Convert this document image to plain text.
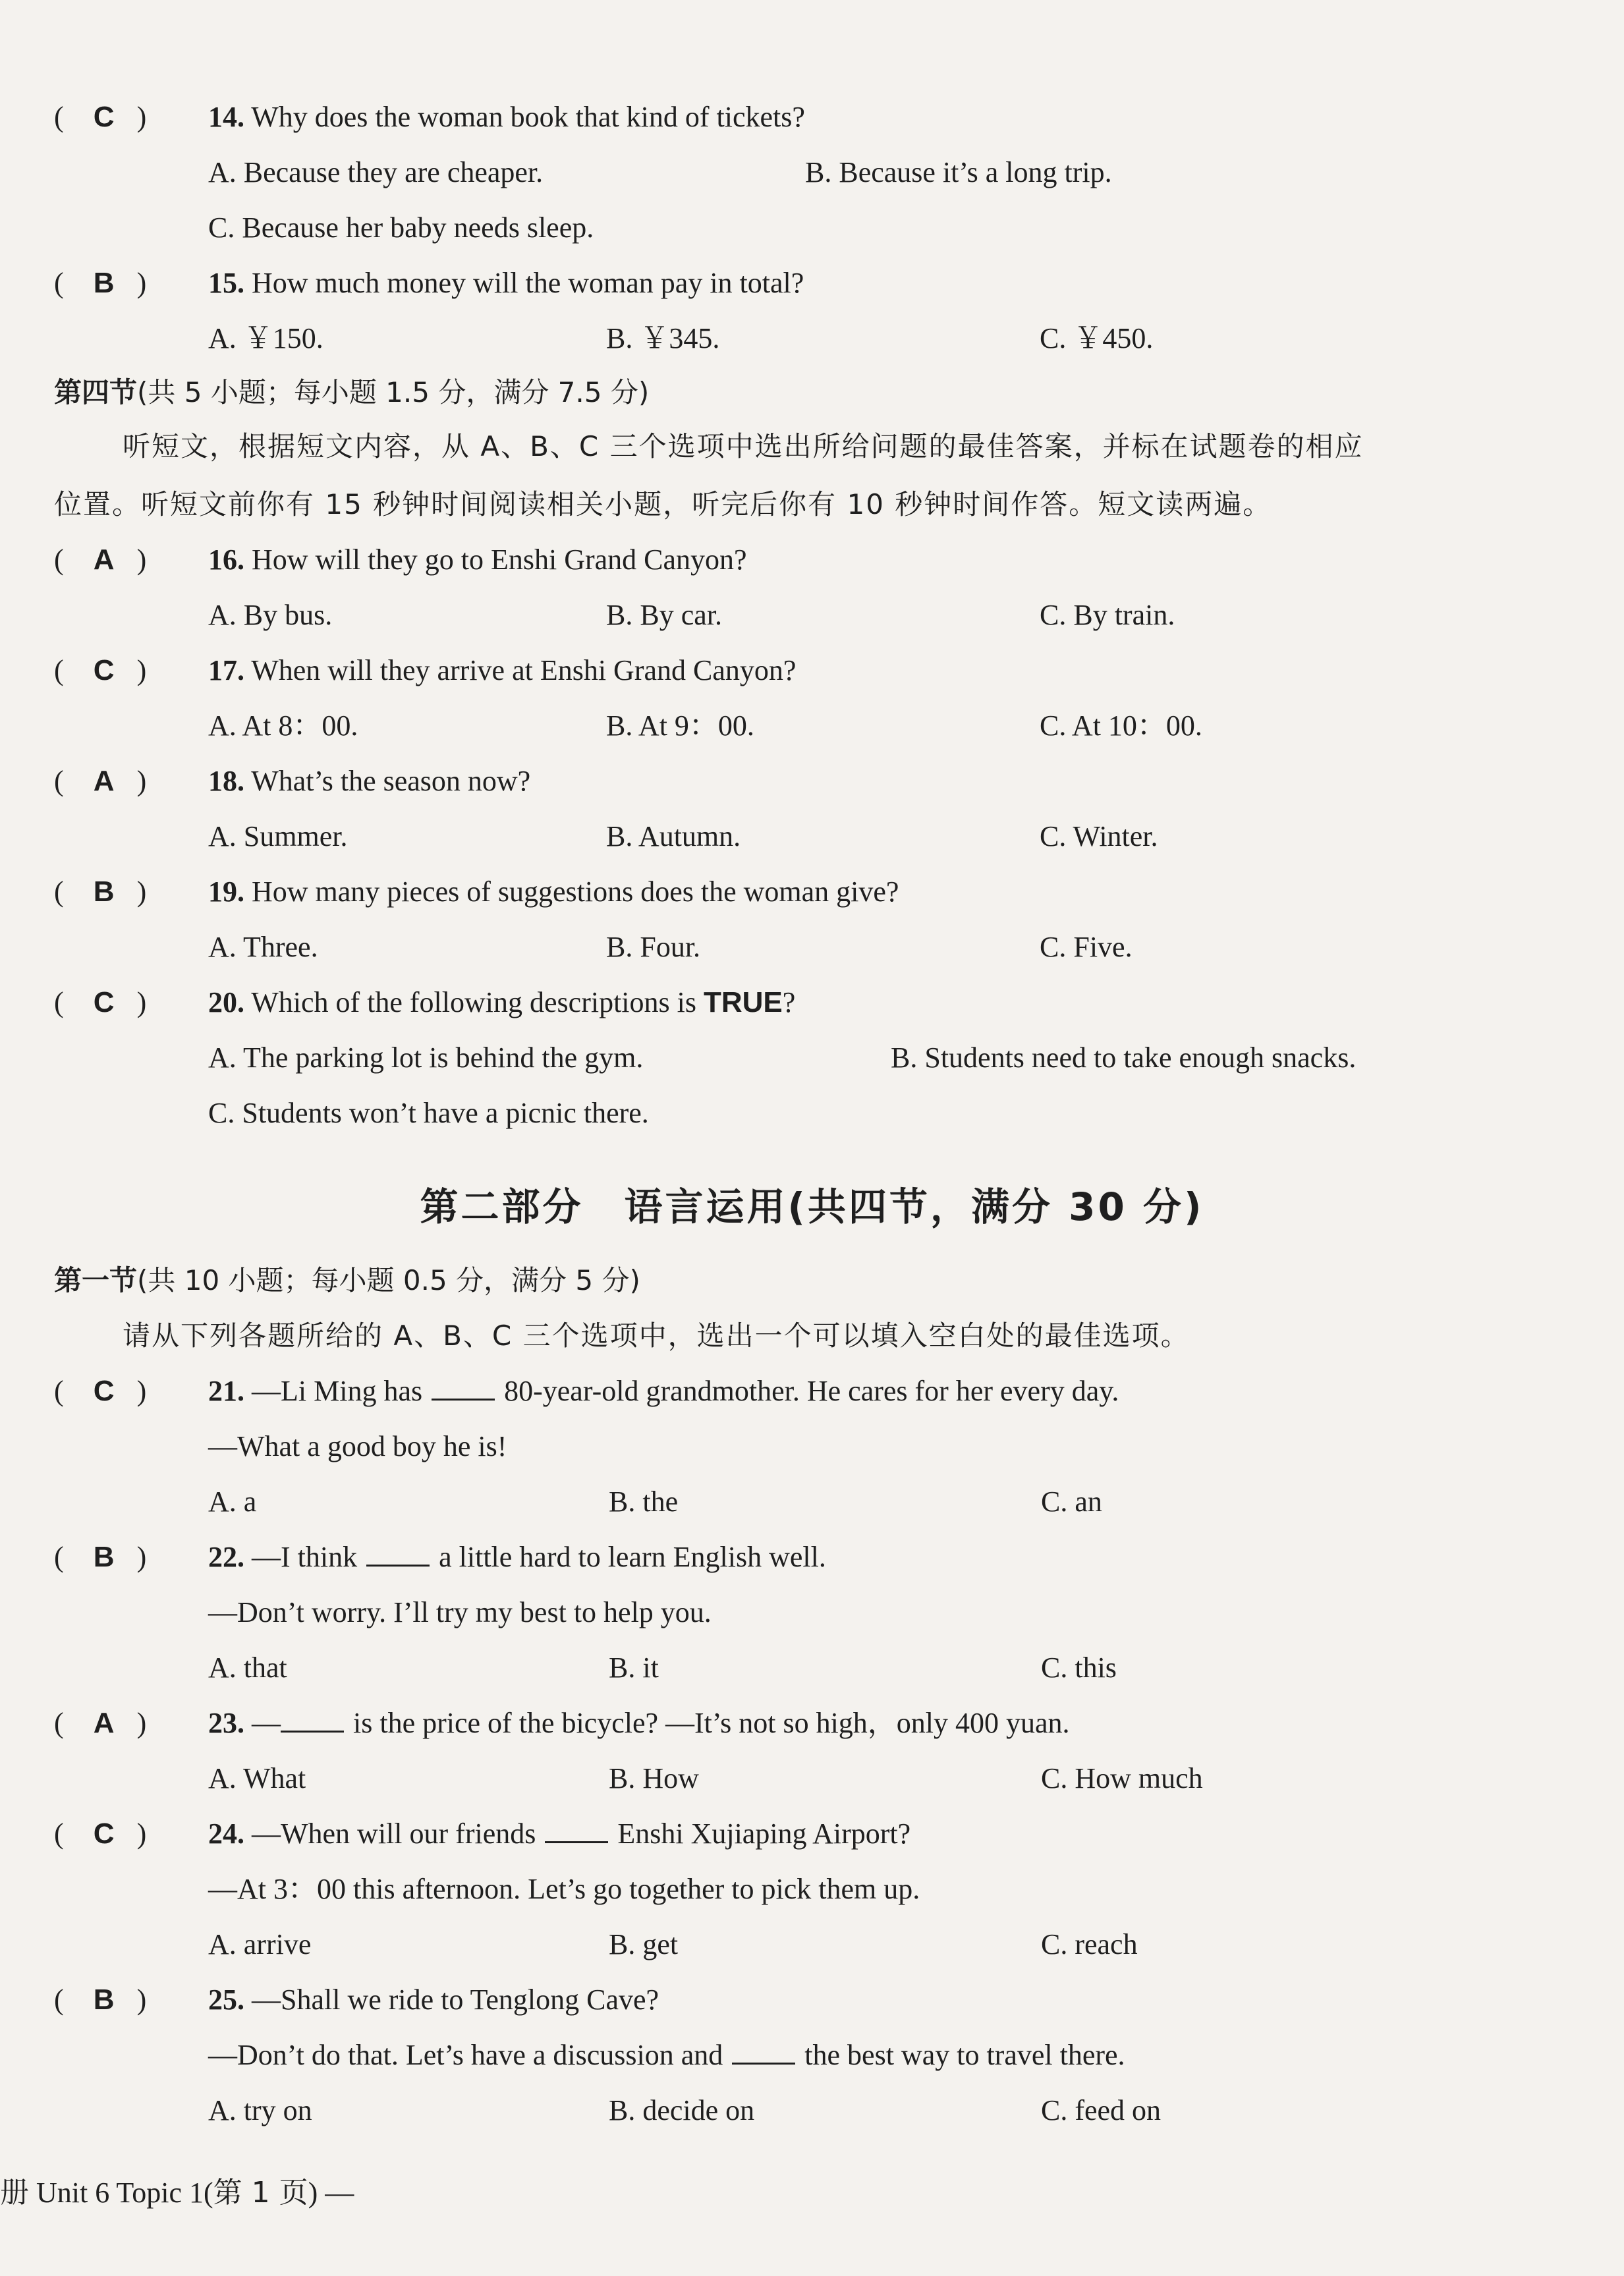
( C ) 14. Why does the woman book that kind of tickets?
A. Because they are cheaper.	B. Because it’s a long trip.
C. Because her baby needs sleep.
( B ) 15. How much money will the woman pay in total?
A. ￥150.	B. ￥345.	C. ￥450.
第四节(共 5 小题；每小题 1.5 分，满分 7.5 分)
听短文，根据短文内容，从 A、B、C 三个选项中选出所给问题的最佳答案，并标在试题卷的相应
位置。听短文前你有 15 秒钟时间阅读相关小题，听完后你有 10 秒钟时间作答。短文读两遍。
( A ) 16. How will they go to Enshi Grand Canyon?
A. By bus.	B. By car.	C. By train.
( C ) 17. When will they arrive at Enshi Grand Canyon?
A. At 8：00.	B. At 9：00.	C. At 10：00.
( A ) 18. What’s the season now?
A. Summer.	B. Autumn.	C. Winter.
( B ) 19. How many pieces of suggestions does the woman give?
A. Three.	B. Four.	C. Five.
( C ) 20. Which of the following descriptions is TRUE?
A. The parking lot is behind the gym.	B. Students need to take enough snacks.
C. Students won’t have a picnic there.
第二部分　语言运用(共四节，满分 30 分)
第一节(共 10 小题；每小题 0.5 分，满分 5 分)
请从下列各题所给的 A、B、C 三个选项中，选出一个可以填入空白处的最佳选项。
( C ) 21. —Li Ming has	80-year-old grandmother. He cares for her every day.
—What a good boy he is!
A. a	B. the	C. an
( B ) 22. —I think	a little hard to learn English well.
—Don’t worry. I’ll try my best to help you.
A. that	B. it	C. this
( A ) 23. —	is the price of the bicycle? —It’s not so high，only 400 yuan.
A. What	B. How	C. How much
( C ) 24. —When will our friends	Enshi Xujiaping Airport?
—At 3：00 this afternoon. Let’s go together to pick them up.
A. arrive	B. get	C. reach
( B ) 25. —Shall we ride to Tenglong Cave?
—Don’t do that. Let’s have a discussion and	the best way to travel there.
A. try on	B. decide on	C. feed on
册 Unit 6 Topic 1(第 1 页) —
